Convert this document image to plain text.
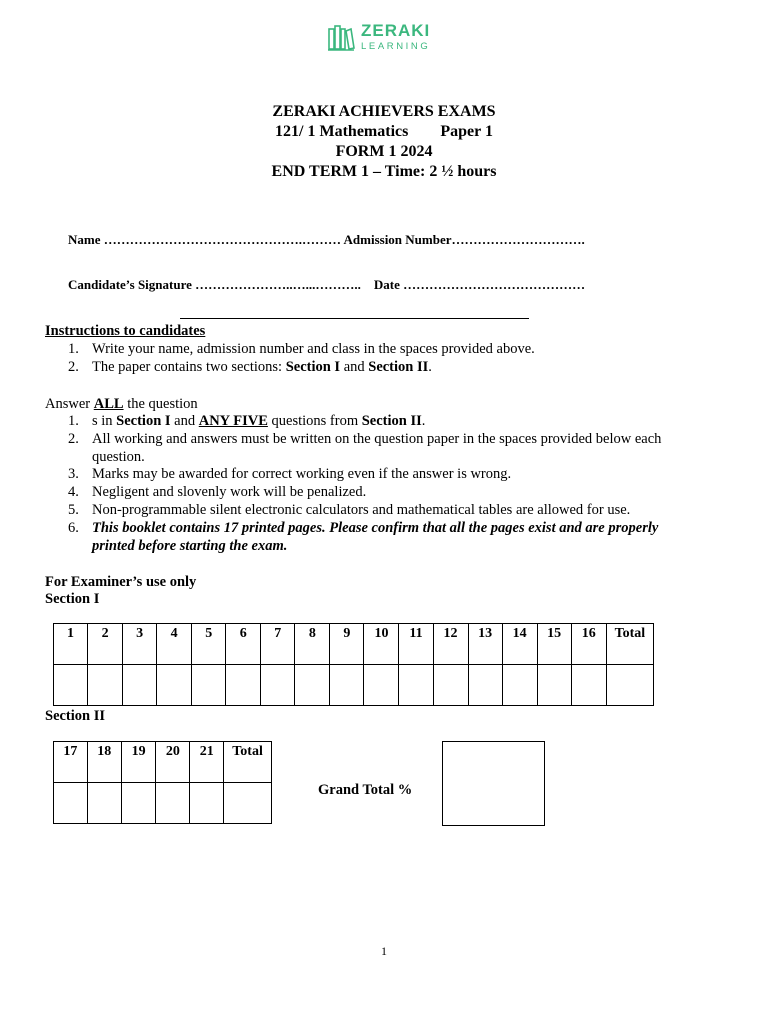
ZERAKI
LEARNING
ZERAKI ACHIEVERS EXAMS
121/ 1 Mathematics        Paper 1
FORM 1 2024
END TERM 1 – Time: 2 ½ hours
Name ……………………………………….……… Admission Number………………………….
Candidate’s Signature …………………..…...………..    Date ……………………………………
Instructions to candidates
1. Write your name, admission number and class in the spaces provided above.
2. The paper contains two sections: Section I and Section II.
Answer ALL the question
1. s in Section I and ANY FIVE questions from Section II.
2. All working and answers must be written on the question paper in the spaces provided below each question.
3. Marks may be awarded for correct working even if the answer is wrong.
4. Negligent and slovenly work will be penalized.
5. Non-programmable silent electronic calculators and mathematical tables are allowed for use.
6. This booklet contains 17 printed pages. Please confirm that all the pages exist and are properly printed before starting the exam.
For Examiner’s use only
Section I
1	2	3	4	5	6	7	8	9	10	11	12	13	14	15	16	Total

Section II
17	18	19	20	21	Total

Grand Total %
1
